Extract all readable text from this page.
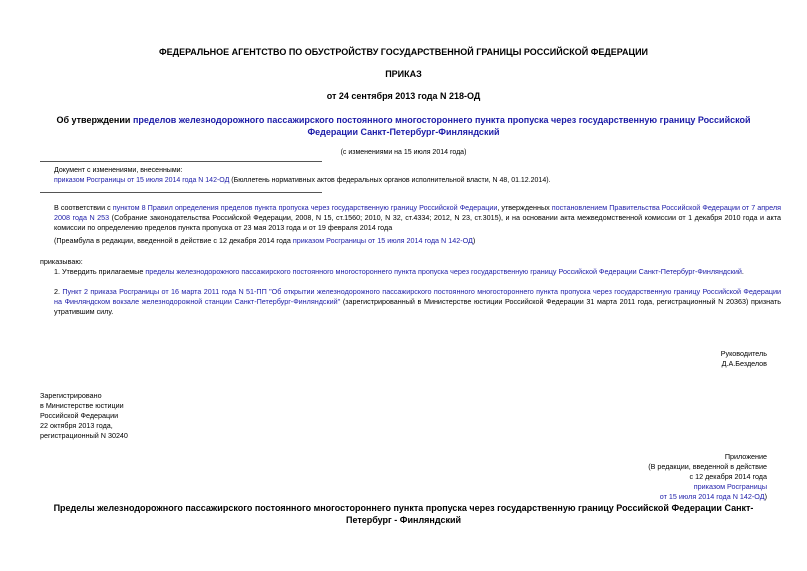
ФЕДЕРАЛЬНОЕ АГЕНТСТВО ПО ОБУСТРОЙСТВУ ГОСУДАРСТВЕННОЙ ГРАНИЦЫ РОССИЙСКОЙ ФЕДЕРАЦИИ
ПРИКАЗ
от 24 сентября 2013 года N 218-ОД
Об утверждении пределов железнодорожного пассажирского постоянного многостороннего пункта пропуска через государственную границу Российской Федерации Санкт-Петербург-Финляндский
(с изменениями на 15 июля 2014 года)
Документ с изменениями, внесенными:
приказом Росграницы от 15 июля 2014 года N 142-ОД (Бюллетень нормативных актов федеральных органов исполнительной власти, N 48, 01.12.2014).
В соответствии с пунктом 8 Правил определения пределов пункта пропуска через государственную границу Российской Федерации, утвержденных постановлением Правительства Российской Федерации от 7 апреля 2008 года N 253 (Собрание законодательства Российской Федерации, 2008, N 15, ст.1560; 2010, N 32, ст.4334; 2012, N 23, ст.3015), и на основании акта межведомственной комиссии от 1 декабря 2010 года и акта комиссии по определению пределов пункта пропуска от 23 мая 2013 года и от 19 февраля 2014 года
(Преамбула в редакции, введенной в действие с 12 декабря 2014 года приказом Росграницы от 15 июля 2014 года N 142-ОД)
приказываю:
1. Утвердить прилагаемые пределы железнодорожного пассажирского постоянного многостороннего пункта пропуска через государственную границу Российской Федерации Санкт-Петербург-Финляндский.
2. Пункт 2 приказа Росграницы от 16 марта 2011 года N 51-ПП "Об открытии железнодорожного пассажирского постоянного многостороннего пункта пропуска через государственную границу Российской Федерации на Финляндском вокзале железнодорожной станции Санкт-Петербург-Финляндский" (зарегистрированный в Министерстве юстиции Российской Федерации 31 марта 2011 года, регистрационный N 20363) признать утратившим силу.
Руководитель
Д.А.Безделов
Зарегистрировано
в Министерстве юстиции
Российской Федерации
22 октября 2013 года,
регистрационный N 30240
Приложение
(В редакции, введенной в действие
с 12 декабря 2014 года
приказом Росграницы
от 15 июля 2014 года N 142-ОД)
Пределы железнодорожного пассажирского постоянного многостороннего пункта пропуска через государственную границу Российской Федерации Санкт-Петербург - Финляндский
